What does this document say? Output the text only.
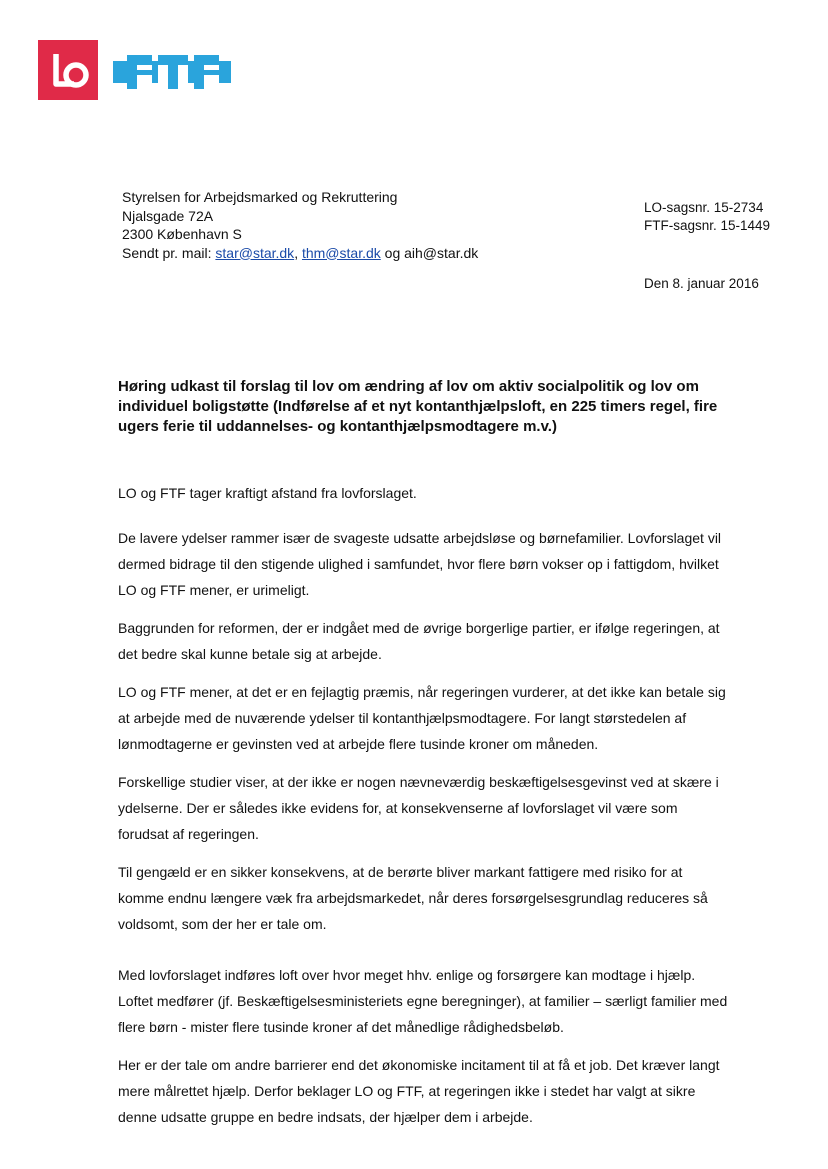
Styrelsen for Arbejdsmarked og Rekruttering
Njalsgade 72A
2300 København S
Sendt pr. mail: star@star.dk, thm@star.dk og aih@star.dk
LO-sagsnr. 15-2734
FTF-sagsnr. 15-1449
Den 8. januar 2016
Høring udkast til forslag til lov om ændring af lov om aktiv socialpolitik og lov om individuel boligstøtte (Indførelse af et nyt kontanthjælpsloft, en 225 timers regel, fire ugers ferie til uddannelses- og kontanthjælpsmodtagere m.v.)

LO og FTF tager kraftigt afstand fra lovforslaget.

De lavere ydelser rammer især de svageste udsatte arbejdsløse og børnefamilier. Lovforslaget vil dermed bidrage til den stigende ulighed i samfundet, hvor flere børn vokser op i fattigdom, hvilket LO og FTF mener, er urimeligt.

Baggrunden for reformen, der er indgået med de øvrige borgerlige partier, er ifølge regeringen, at det bedre skal kunne betale sig at arbejde.

LO og FTF mener, at det er en fejlagtig præmis, når regeringen vurderer, at det ikke kan betale sig at arbejde med de nuværende ydelser til kontanthjælpsmodtagere. For langt størstedelen af lønmodtagerne er gevinsten ved at arbejde flere tusinde kroner om måneden.

Forskellige studier viser, at der ikke er nogen nævneværdig beskæftigelsesgevinst ved at skære i ydelserne. Der er således ikke evidens for, at konsekvenserne af lovforslaget vil være som forudsat af regeringen.

Til gengæld er en sikker konsekvens, at de berørte bliver markant fattigere med risiko for at komme endnu længere væk fra arbejdsmarkedet, når deres forsørgelsesgrundlag reduceres så voldsomt, som der her er tale om.

Med lovforslaget indføres loft over hvor meget hhv. enlige og forsørgere kan modtage i hjælp. Loftet medfører (jf. Beskæftigelsesministeriets egne beregninger), at familier – særligt familier med flere børn - mister flere tusinde kroner af det månedlige rådighedsbeløb.

Her er der tale om andre barrierer end det økonomiske incitament til at få et job. Det kræver langt mere målrettet hjælp. Derfor beklager LO og FTF, at regeringen ikke i stedet har valgt at sikre denne udsatte gruppe en bedre indsats, der hjælper dem i arbejde.
